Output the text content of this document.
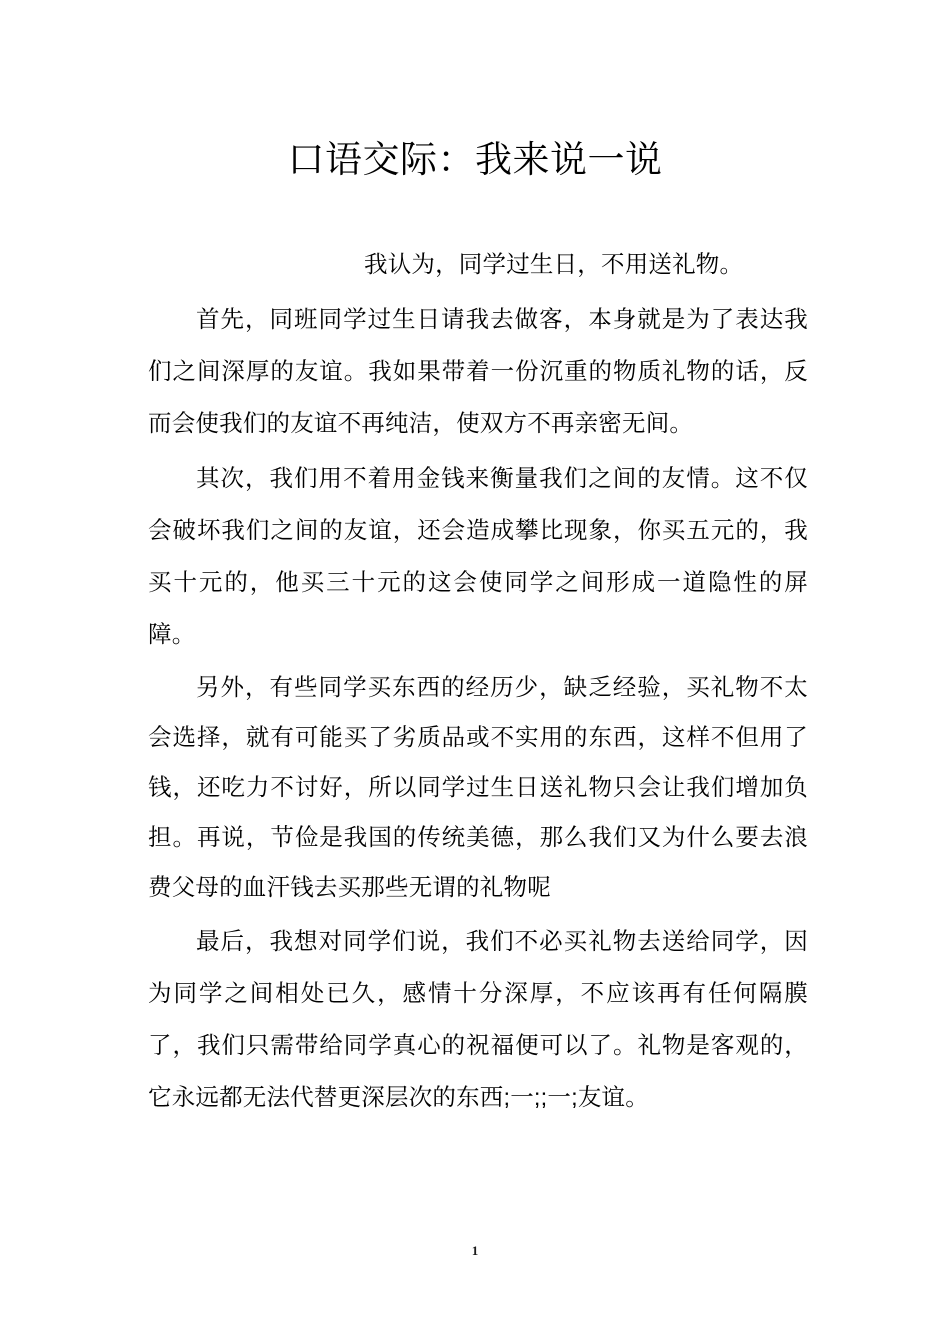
口语交际：我来说一说

我认为，同学过生日，不用送礼物。

首先，同班同学过生日请我去做客，本身就是为了表达我们之间深厚的友谊。我如果带着一份沉重的物质礼物的话，反而会使我们的友谊不再纯洁，使双方不再亲密无间。

其次，我们用不着用金钱来衡量我们之间的友情。这不仅会破坏我们之间的友谊，还会造成攀比现象，你买五元的，我买十元的，他买三十元的这会使同学之间形成一道隐性的屏障。

另外，有些同学买东西的经历少，缺乏经验，买礼物不太会选择，就有可能买了劣质品或不实用的东西，这样不但用了钱，还吃力不讨好，所以同学过生日送礼物只会让我们增加负担。再说，节俭是我国的传统美德，那么我们又为什么要去浪费父母的血汗钱去买那些无谓的礼物呢

最后，我想对同学们说，我们不必买礼物去送给同学，因为同学之间相处已久，感情十分深厚，不应该再有任何隔膜了，我们只需带给同学真心的祝福便可以了。礼物是客观的，它永远都无法代替更深层次的东西;一;;一;友谊。

1
